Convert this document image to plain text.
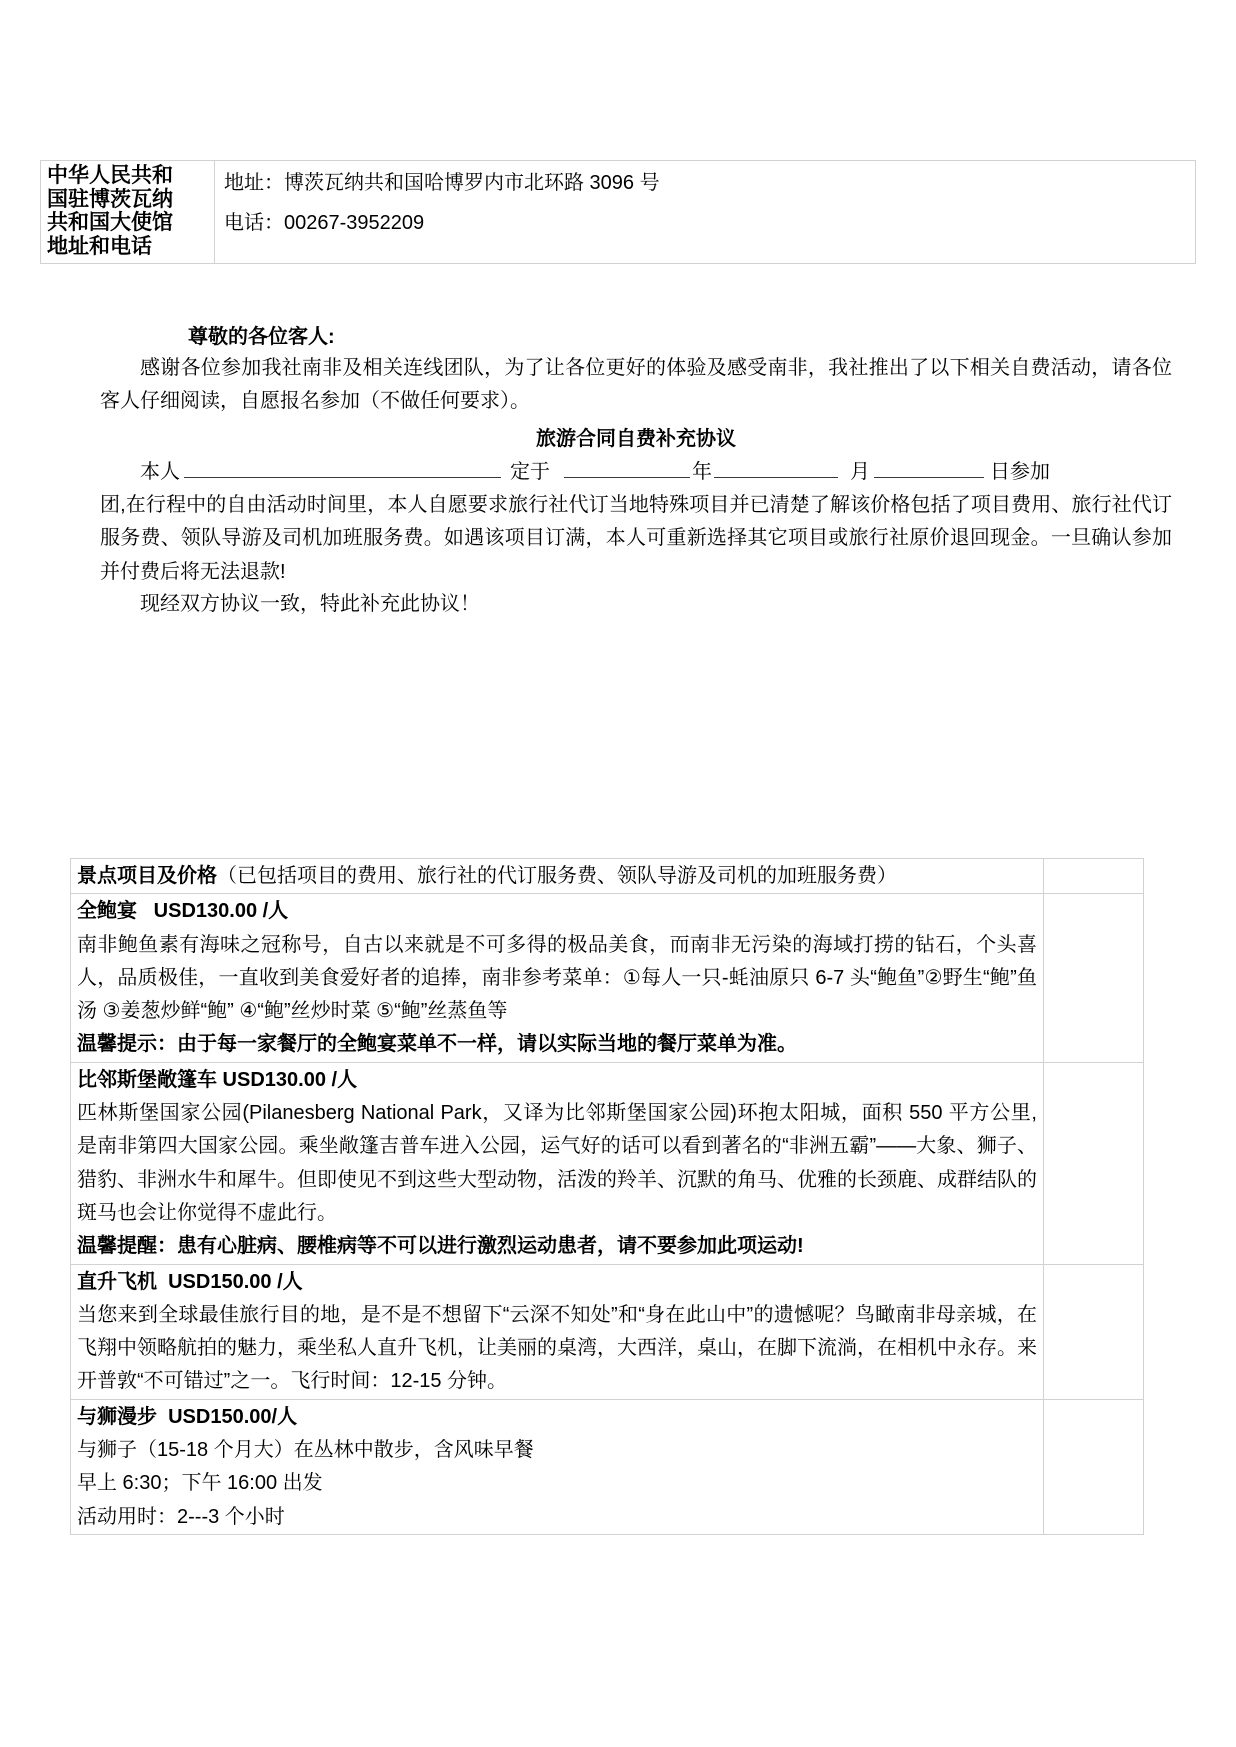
中华人民共和国驻博茨瓦纳共和国大使馆地址和电话	
地址：博茨瓦纳共和国哈博罗内市北环路 3096 号
电话：00267-3952209
尊敬的各位客人:

感谢各位参加我社南非及相关连线团队，为了让各位更好的体验及感受南非，我社推出了以下相关自费活动，请各位客人仔细阅读，自愿报名参加（不做任何要求）。

旅游合同自费补充协议
本人	定于	年	月	日参加

团,在行程中的自由活动时间里，本人自愿要求旅行社代订当地特殊项目并已清楚了解该价格包括了项目费用、旅行社代订服务费、领队导游及司机加班服务费。如遇该项目订满，本人可重新选择其它项目或旅行社原价退回现金。一旦确认参加并付费后将无法退款!

现经双方协议一致，特此补充此协议！

景点项目及价格（已包括项目的费用、旅行社的代订服务费、领队导游及司机的加班服务费）	

全鲍宴   USD130.00 /人
南非鲍鱼素有海味之冠称号，自古以来就是不可多得的极品美食，而南非无污染的海域打捞的钻石，个头喜人，品质极佳，一直收到美食爱好者的追捧，南非参考菜单：①每人一只-蚝油原只 6-7 头“鲍鱼”②野生“鲍”鱼汤 ③姜葱炒鲜“鲍” ④“鲍”丝炒时菜 ⑤“鲍”丝蒸鱼等
温馨提示：由于每一家餐厅的全鲍宴菜单不一样，请以实际当地的餐厅菜单为准。	

比邻斯堡敞篷车 USD130.00 /人
匹林斯堡国家公园(Pilanesberg National Park，又译为比邻斯堡国家公园)环抱太阳城，面积 550 平方公里, 是南非第四大国家公园。乘坐敞篷吉普车进入公园，运气好的话可以看到著名的“非洲五霸”——大象、狮子、猎豹、非洲水牛和犀牛。但即使见不到这些大型动物，活泼的羚羊、沉默的角马、优雅的长颈鹿、成群结队的斑马也会让你觉得不虚此行。
温馨提醒：患有心脏病、腰椎病等不可以进行激烈运动患者，请不要参加此项运动!	

直升飞机  USD150.00 /人
当您来到全球最佳旅行目的地，是不是不想留下“云深不知处”和“身在此山中”的遗憾呢？鸟瞰南非母亲城，在飞翔中领略航拍的魅力，乘坐私人直升飞机，让美丽的桌湾，大西洋，桌山，在脚下流淌，在相机中永存。来开普敦“不可错过”之一。飞行时间：12-15 分钟。	

与狮漫步  USD150.00/人
与狮子（15-18 个月大）在丛林中散步，含风味早餐
早上 6:30；下午 16:00 出发
活动用时：2---3 个小时	
